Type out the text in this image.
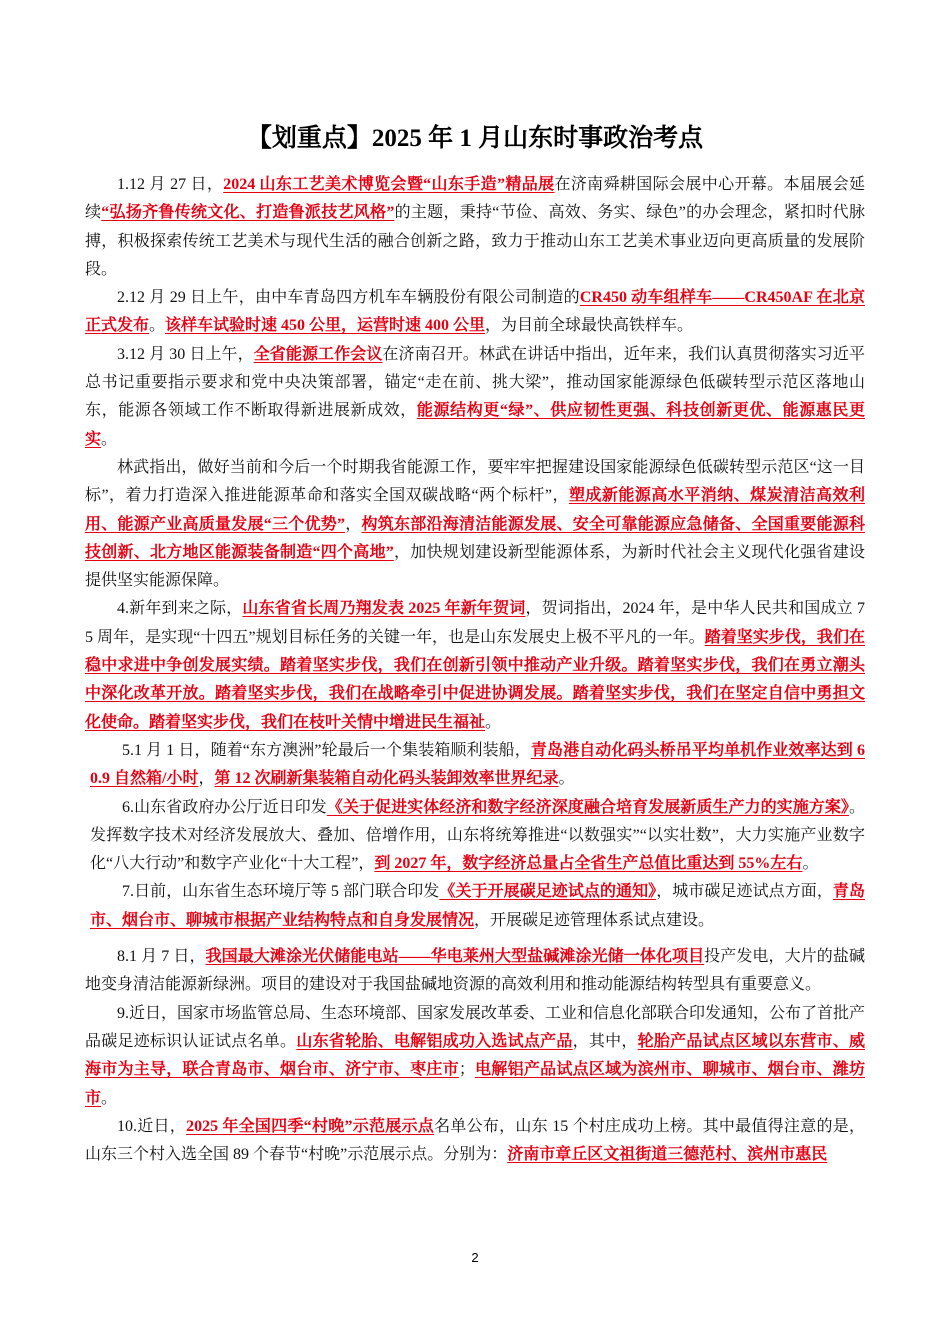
【划重点】2025 年 1 月山东时事政治考点

1.12 月 27 日，2024 山东工艺美术博览会暨“山东手造”精品展在济南舜耕国际会展中心开幕。本届展会延续“弘扬齐鲁传统文化、打造鲁派技艺风格”的主题，秉持“节俭、高效、务实、绿色”的办会理念，紧扣时代脉搏，积极探索传统工艺美术与现代生活的融合创新之路，致力于推动山东工艺美术事业迈向更高质量的发展阶段。

2.12 月 29 日上午，由中车青岛四方机车车辆股份有限公司制造的CR450 动车组样车——CR450AF 在北京正式发布。该样车试验时速 450 公里，运营时速 400 公里，为目前全球最快高铁样车。

3.12 月 30 日上午，全省能源工作会议在济南召开。林武在讲话中指出，近年来，我们认真贯彻落实习近平总书记重要指示要求和党中央决策部署，锚定“走在前、挑大梁”，推动国家能源绿色低碳转型示范区落地山东，能源各领域工作不断取得新进展新成效，能源结构更“绿”、供应韧性更强、科技创新更优、能源惠民更实。

林武指出，做好当前和今后一个时期我省能源工作，要牢牢把握建设国家能源绿色低碳转型示范区“这一目标”，着力打造深入推进能源革命和落实全国双碳战略“两个标杆”，塑成新能源高水平消纳、煤炭清洁高效利用、能源产业高质量发展“三个优势”，构筑东部沿海清洁能源发展、安全可靠能源应急储备、全国重要能源科技创新、北方地区能源装备制造“四个高地”，加快规划建设新型能源体系，为新时代社会主义现代化强省建设提供坚实能源保障。

4.新年到来之际，山东省省长周乃翔发表 2025 年新年贺词，贺词指出，2024 年，是中华人民共和国成立 75 周年，是实现“十四五”规划目标任务的关键一年，也是山东发展史上极不平凡的一年。踏着坚实步伐，我们在稳中求进中争创发展实绩。踏着坚实步伐，我们在创新引领中推动产业升级。踏着坚实步伐，我们在勇立潮头中深化改革开放。踏着坚实步伐，我们在战略牵引中促进协调发展。踏着坚实步伐，我们在坚定自信中勇担文化使命。踏着坚实步伐，我们在枝叶关情中增进民生福祉。

5.1 月 1 日，随着“东方澳洲”轮最后一个集装箱顺利装船，青岛港自动化码头桥吊平均单机作业效率达到 60.9 自然箱/小时，第 12 次刷新集装箱自动化码头装卸效率世界纪录。

6.山东省政府办公厅近日印发《关于促进实体经济和数字经济深度融合培育发展新质生产力的实施方案》。发挥数字技术对经济发展放大、叠加、倍增作用，山东将统筹推进“以数强实”“以实壮数”，大力实施产业数字化“八大行动”和数字产业化“十大工程”，到 2027 年，数字经济总量占全省生产总值比重达到 55%左右。

7.日前，山东省生态环境厅等 5 部门联合印发《关于开展碳足迹试点的通知》，城市碳足迹试点方面，青岛市、烟台市、聊城市根据产业结构特点和自身发展情况，开展碳足迹管理体系试点建设。

8.1 月 7 日，我国最大滩涂光伏储能电站——华电莱州大型盐碱滩涂光储一体化项目投产发电，大片的盐碱地变身清洁能源新绿洲。项目的建设对于我国盐碱地资源的高效利用和推动能源结构转型具有重要意义。

9.近日，国家市场监管总局、生态环境部、国家发展改革委、工业和信息化部联合印发通知，公布了首批产品碳足迹标识认证试点名单。山东省轮胎、电解铝成功入选试点产品，其中，轮胎产品试点区域以东营市、威海市为主导，联合青岛市、烟台市、济宁市、枣庄市；电解铝产品试点区域为滨州市、聊城市、烟台市、潍坊市。

10.近日，2025 年全国四季“村晚”示范展示点名单公布，山东 15 个村庄成功上榜。其中最值得注意的是，山东三个村入选全国 89 个春节“村晚”示范展示点。分别为：济南市章丘区文祖街道三德范村、滨州市惠民

2
